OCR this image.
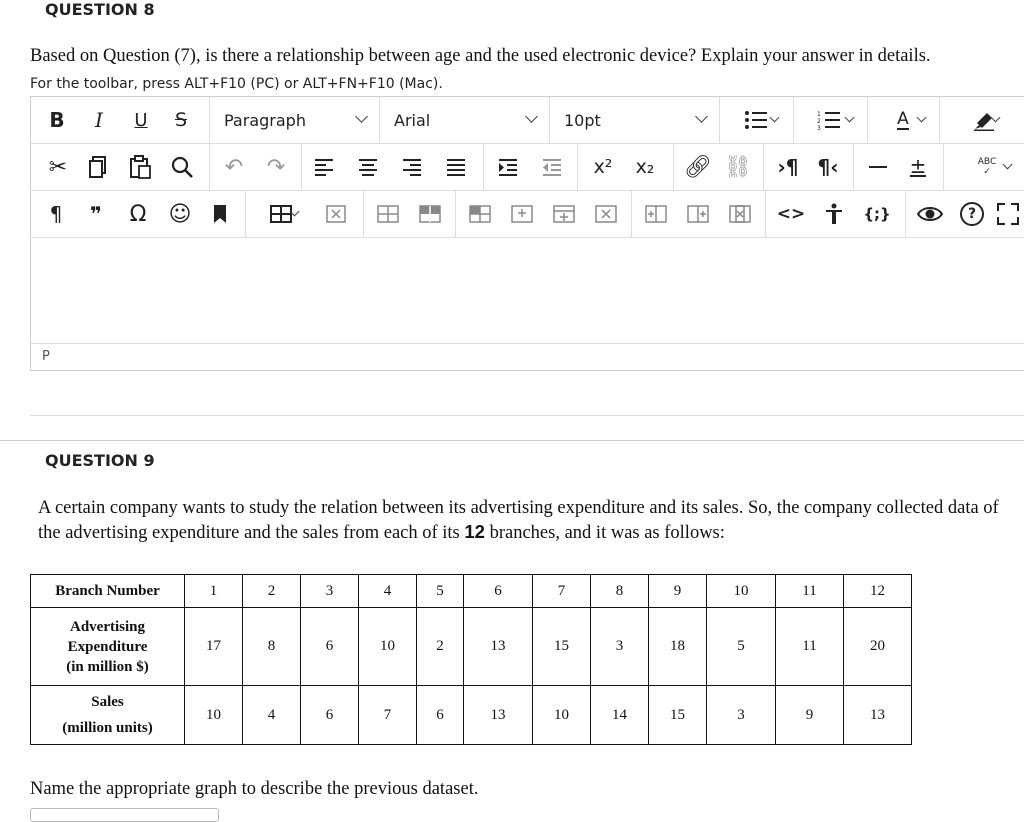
QUESTION 8
Based on Question (7), is there a relationship between age and the used electronic device? Explain your answer in details.
For the toolbar, press ALT+F10 (PC) or ALT+FN+F10 (Mac).
B	I	U	S	Paragraph	Arial	10pt	1
2
3	A
✂	↶ ↷	x²	x₂	🔗︎ ⛓︎ ›¶ ¶‹	±	ABC
✓
¶	❞	Ω ☺	<>	{;}	?
P
QUESTION 9
A certain company wants to study the relation between its advertising expenditure and its sales. So, the company collected data of the advertising expenditure and the sales from each of its 12 branches, and it was as follows:
Branch Number	1	2	3	4	5	6	7	8	9	10	11	12
Advertising
Expenditure
(in million $)	17	8	6	10	2	13	15	3	18	5	11	20
Sales
(million units)	10	4	6	7	6	13	10	14	15	3	9	13
Name the appropriate graph to describe the previous dataset.
